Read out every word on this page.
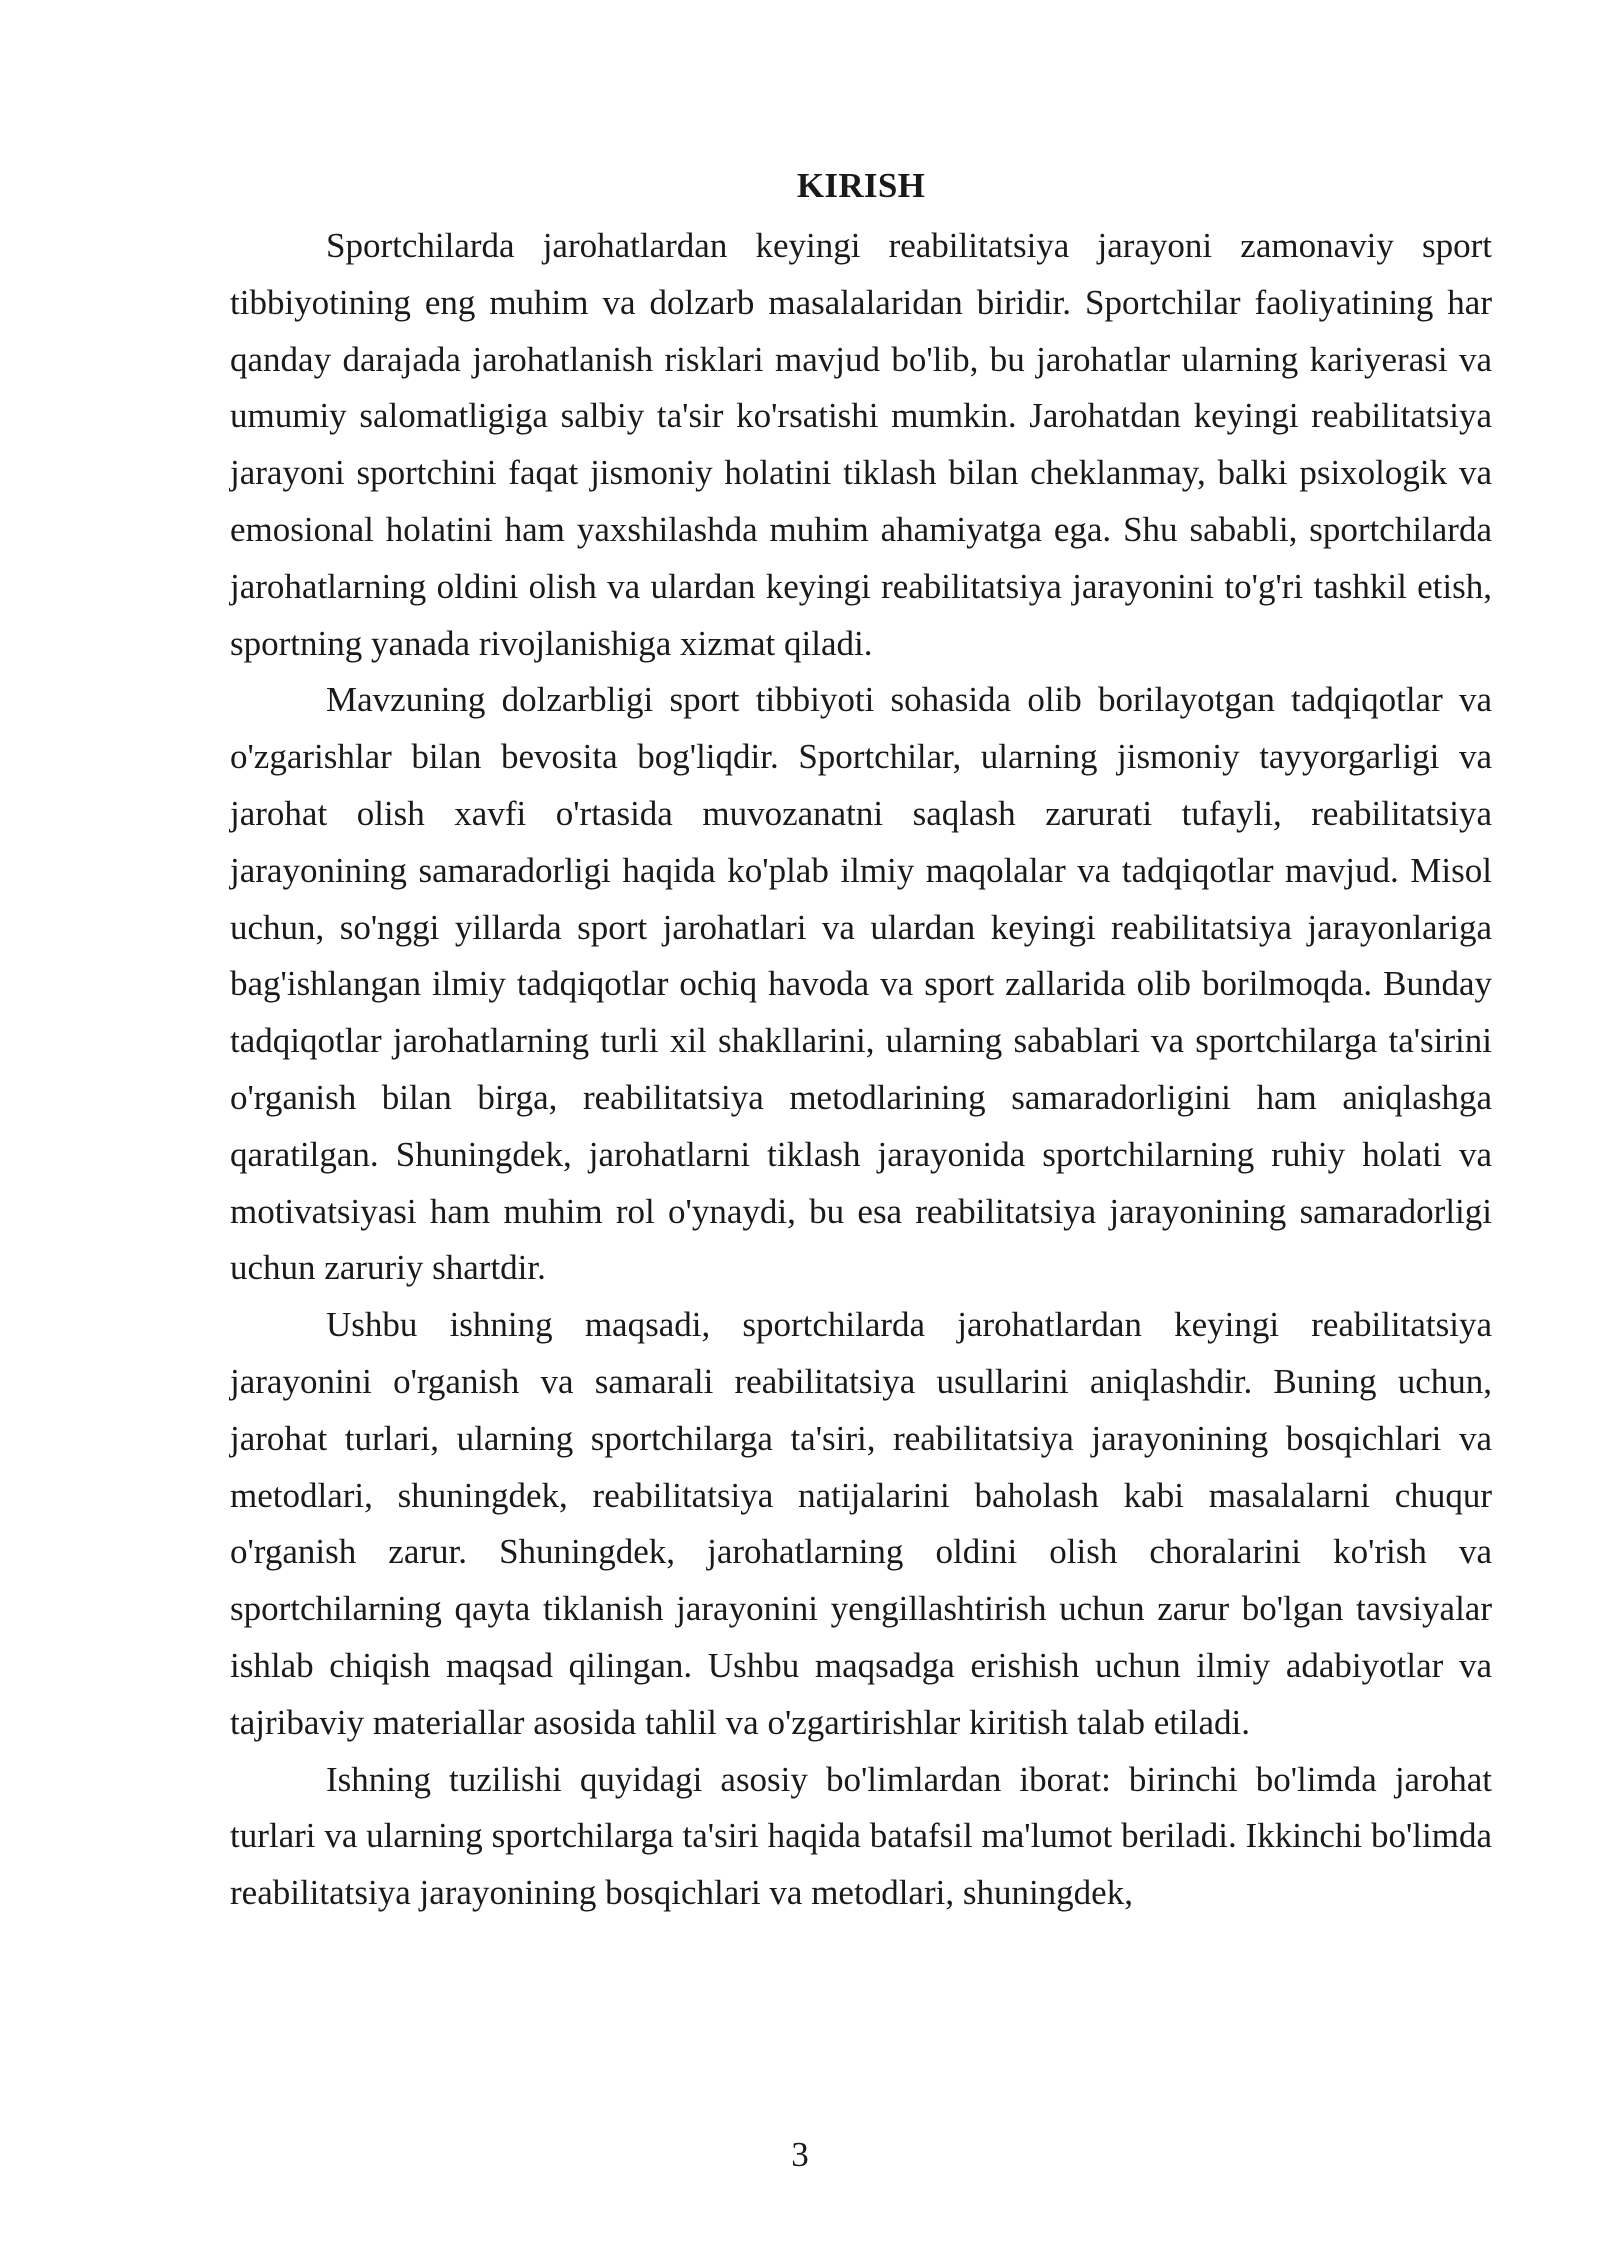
KIRISH

Sportchilarda jarohatlardan keyingi reabilitatsiya jarayoni zamonaviy sport tibbiyotining eng muhim va dolzarb masalalaridan biridir. Sportchilar faoliyatining har qanday darajada jarohatlanish risklari mavjud bo'lib, bu jarohatlar ularning kariyerasi va umumiy salomatligiga salbiy ta'sir ko'rsatishi mumkin. Jarohatdan keyingi reabilitatsiya jarayoni sportchini faqat jismoniy holatini tiklash bilan cheklanmay, balki psixologik va emosional holatini ham yaxshilashda muhim ahamiyatga ega. Shu sababli, sportchilarda jarohatlarning oldini olish va ulardan keyingi reabilitatsiya jarayonini to'g'ri tashkil etish, sportning yanada rivojlanishiga xizmat qiladi.

Mavzuning dolzarbligi sport tibbiyoti sohasida olib borilayotgan tadqiqotlar va o'zgarishlar bilan bevosita bog'liqdir. Sportchilar, ularning jismoniy tayyorgarligi va jarohat olish xavfi o'rtasida muvozanatni saqlash zarurati tufayli, reabilitatsiya jarayonining samaradorligi haqida ko'plab ilmiy maqolalar va tadqiqotlar mavjud. Misol uchun, so'nggi yillarda sport jarohatlari va ulardan keyingi reabilitatsiya jarayonlariga bag'ishlangan ilmiy tadqiqotlar ochiq havoda va sport zallarida olib borilmoqda. Bunday tadqiqotlar jarohatlarning turli xil shakllarini, ularning sabablari va sportchilarga ta'sirini o'rganish bilan birga, reabilitatsiya metodlarining samaradorligini ham aniqlashga qaratilgan. Shuningdek, jarohatlarni tiklash jarayonida sportchilarning ruhiy holati va motivatsiyasi ham muhim rol o'ynaydi, bu esa reabilitatsiya jarayonining samaradorligi uchun zaruriy shartdir.

Ushbu ishning maqsadi, sportchilarda jarohatlardan keyingi reabilitatsiya jarayonini o'rganish va samarali reabilitatsiya usullarini aniqlashdir. Buning uchun, jarohat turlari, ularning sportchilarga ta'siri, reabilitatsiya jarayonining bosqichlari va metodlari, shuningdek, reabilitatsiya natijalarini baholash kabi masalalarni chuqur o'rganish zarur. Shuningdek, jarohatlarning oldini olish choralarini ko'rish va sportchilarning qayta tiklanish jarayonini yengillashtirish uchun zarur bo'lgan tavsiyalar ishlab chiqish maqsad qilingan. Ushbu maqsadga erishish uchun ilmiy adabiyotlar va tajribaviy materiallar asosida tahlil va o'zgartirishlar kiritish talab etiladi.

Ishning tuzilishi quyidagi asosiy bo'limlardan iborat: birinchi bo'limda jarohat turlari va ularning sportchilarga ta'siri haqida batafsil ma'lumot beriladi. Ikkinchi bo'limda reabilitatsiya jarayonining bosqichlari va metodlari, shuningdek,

3
